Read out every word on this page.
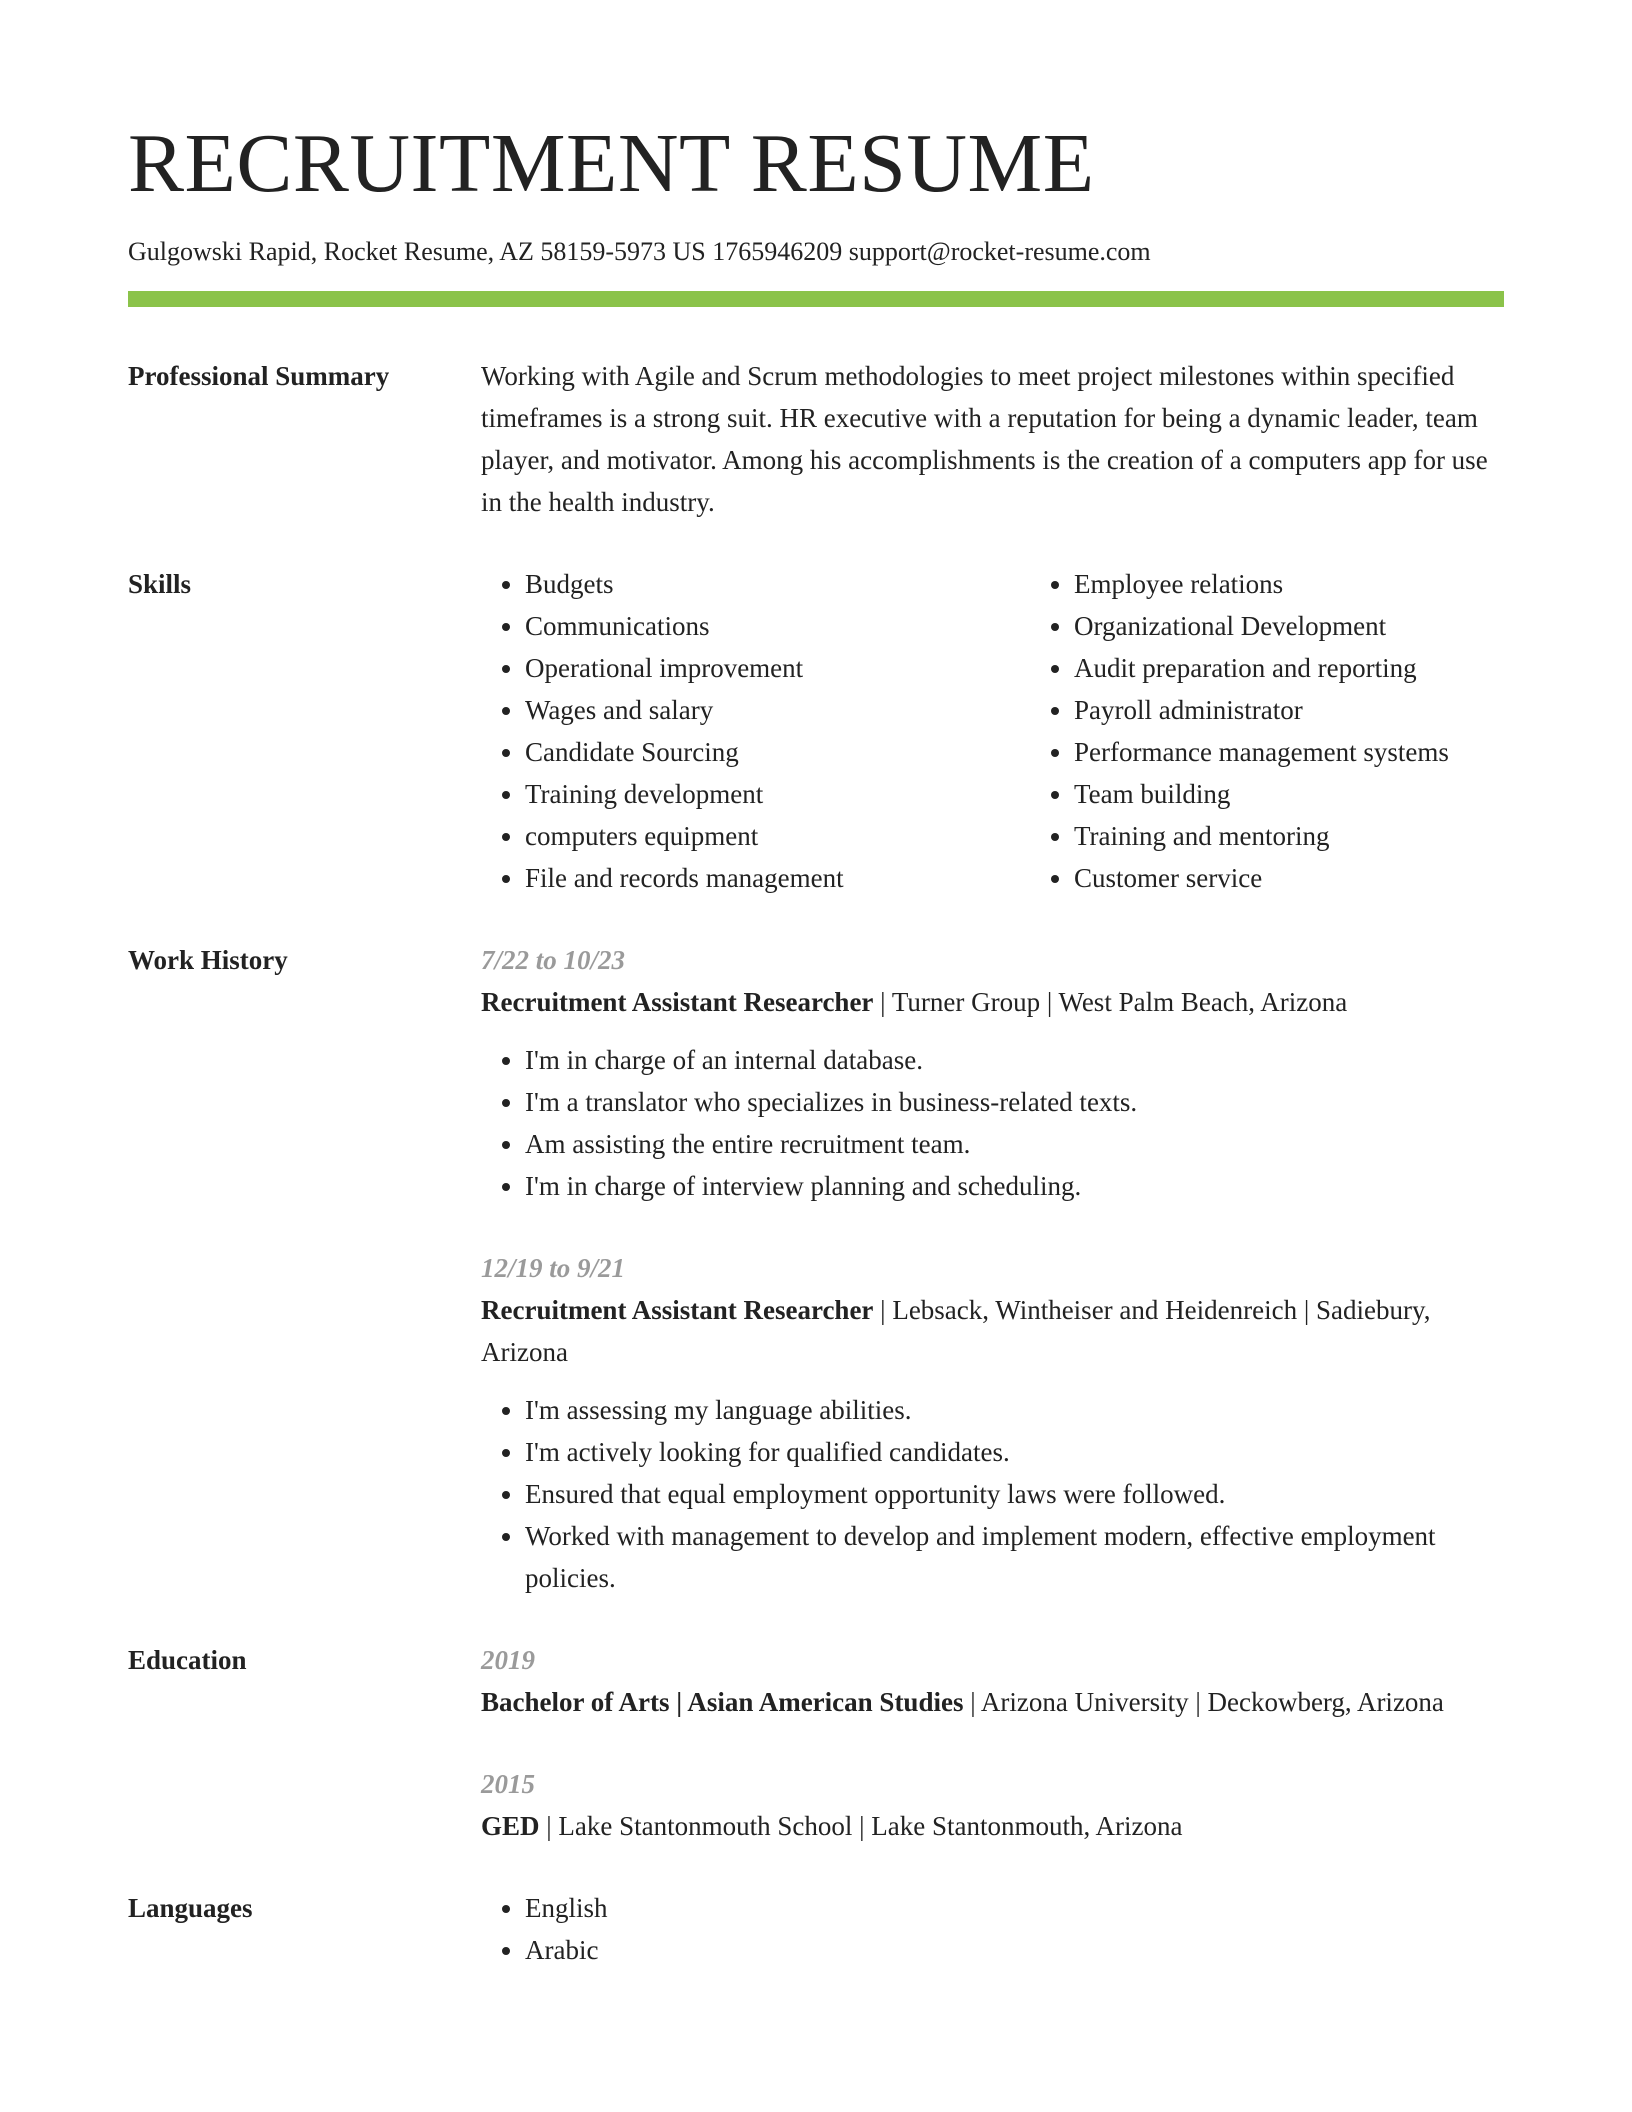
RECRUITMENT RESUME
Gulgowski Rapid, Rocket Resume, AZ 58159-5973 US 1765946209 support@rocket-resume.com
Professional Summary	Working with Agile and Scrum methodologies to meet project milestones within specified timeframes is a strong suit. HR executive with a reputation for being a dynamic leader, team player, and motivator. Among his accomplishments is the creation of a computers app for use in the health industry.

Skills	• Budgets
• Communications
• Operational improvement
• Wages and salary
• Candidate Sourcing
• Training development
• computers equipment
• File and records management
• Employee relations
• Organizational Development
• Audit preparation and reporting
• Payroll administrator
• Performance management systems
• Team building
• Training and mentoring
• Customer service
Work History	7/22 to 10/23
Recruitment Assistant Researcher | Turner Group | West Palm Beach, Arizona
• I'm in charge of an internal database.
• I'm a translator who specializes in business-related texts.
• Am assisting the entire recruitment team.
• I'm in charge of interview planning and scheduling.
12/19 to 9/21
Recruitment Assistant Researcher | Lebsack, Wintheiser and Heidenreich | Sadiebury, Arizona
• I'm assessing my language abilities.
• I'm actively looking for qualified candidates.
• Ensured that equal employment opportunity laws were followed.
• Worked with management to develop and implement modern, effective employment policies.
Education	2019
Bachelor of Arts | Asian American Studies | Arizona University | Deckowberg, Arizona
2015
GED | Lake Stantonmouth School | Lake Stantonmouth, Arizona
Languages	• English
• Arabic
